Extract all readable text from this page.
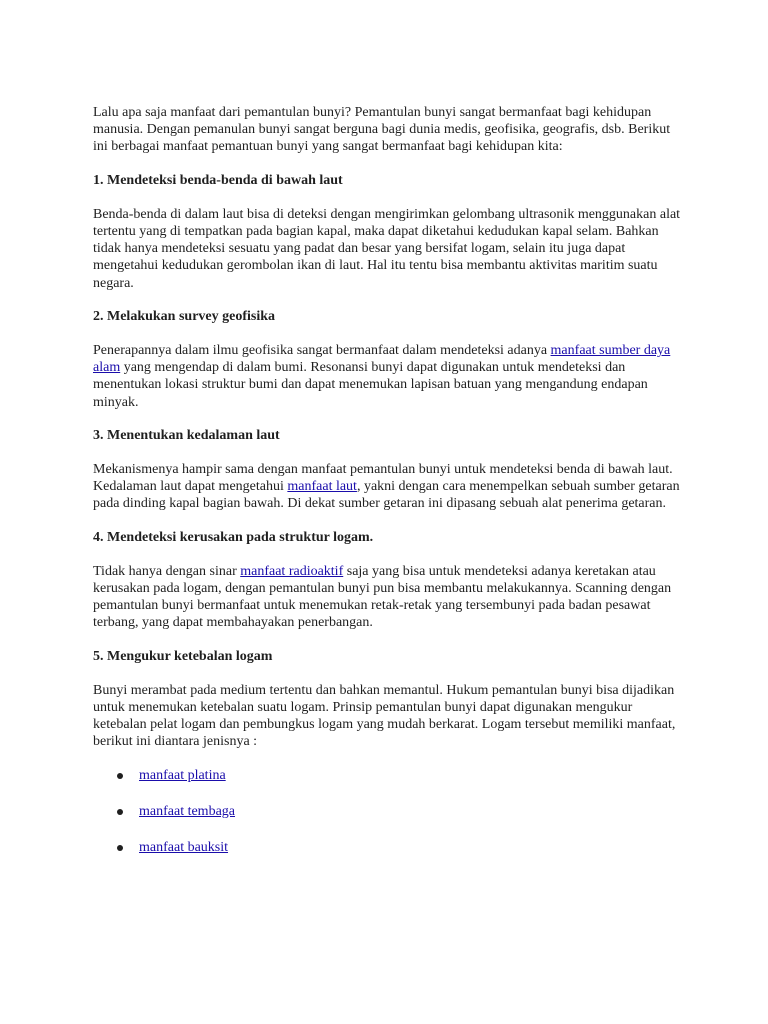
Lalu apa saja manfaat dari pemantulan bunyi? Pemantulan bunyi sangat bermanfaat bagi kehidupan manusia. Dengan pemanulan bunyi sangat berguna bagi dunia medis, geofisika, geografis, dsb. Berikut ini berbagai manfaat pemantuan bunyi yang sangat bermanfaat bagi kehidupan kita:

1. Mendeteksi benda-benda di bawah laut

Benda-benda di dalam laut bisa di deteksi dengan mengirimkan gelombang ultrasonik menggunakan alat tertentu yang di tempatkan pada bagian kapal, maka dapat diketahui kedudukan kapal selam. Bahkan tidak hanya mendeteksi sesuatu yang padat dan besar yang bersifat logam, selain itu juga dapat mengetahui kedudukan gerombolan ikan di laut. Hal itu tentu bisa membantu aktivitas maritim suatu negara.

2. Melakukan survey geofisika

Penerapannya dalam ilmu geofisika sangat bermanfaat dalam mendeteksi adanya manfaat sumber daya alam yang mengendap di dalam bumi. Resonansi bunyi dapat digunakan untuk mendeteksi dan menentukan lokasi struktur bumi dan dapat menemukan lapisan batuan yang mengandung endapan minyak.

3. Menentukan kedalaman laut

Mekanismenya hampir sama dengan manfaat pemantulan bunyi untuk mendeteksi benda di bawah laut. Kedalaman laut dapat mengetahui manfaat laut, yakni dengan cara menempelkan sebuah sumber getaran pada dinding kapal bagian bawah. Di dekat sumber getaran ini dipasang sebuah alat penerima getaran.

4. Mendeteksi kerusakan pada struktur logam.

Tidak hanya dengan sinar manfaat radioaktif saja yang bisa untuk mendeteksi adanya keretakan atau kerusakan pada logam, dengan pemantulan bunyi pun bisa membantu melakukannya. Scanning dengan pemantulan bunyi bermanfaat untuk menemukan retak-retak yang tersembunyi pada badan pesawat terbang, yang dapat membahayakan penerbangan.

5. Mengukur ketebalan logam

Bunyi merambat pada medium tertentu dan bahkan memantul. Hukum pemantulan bunyi bisa dijadikan untuk menemukan ketebalan suatu logam. Prinsip pemantulan bunyi dapat digunakan mengukur ketebalan pelat logam dan pembungkus logam yang mudah berkarat. Logam tersebut memiliki manfaat, berikut ini diantara jenisnya :

manfaat platina
manfaat tembaga
manfaat bauksit
